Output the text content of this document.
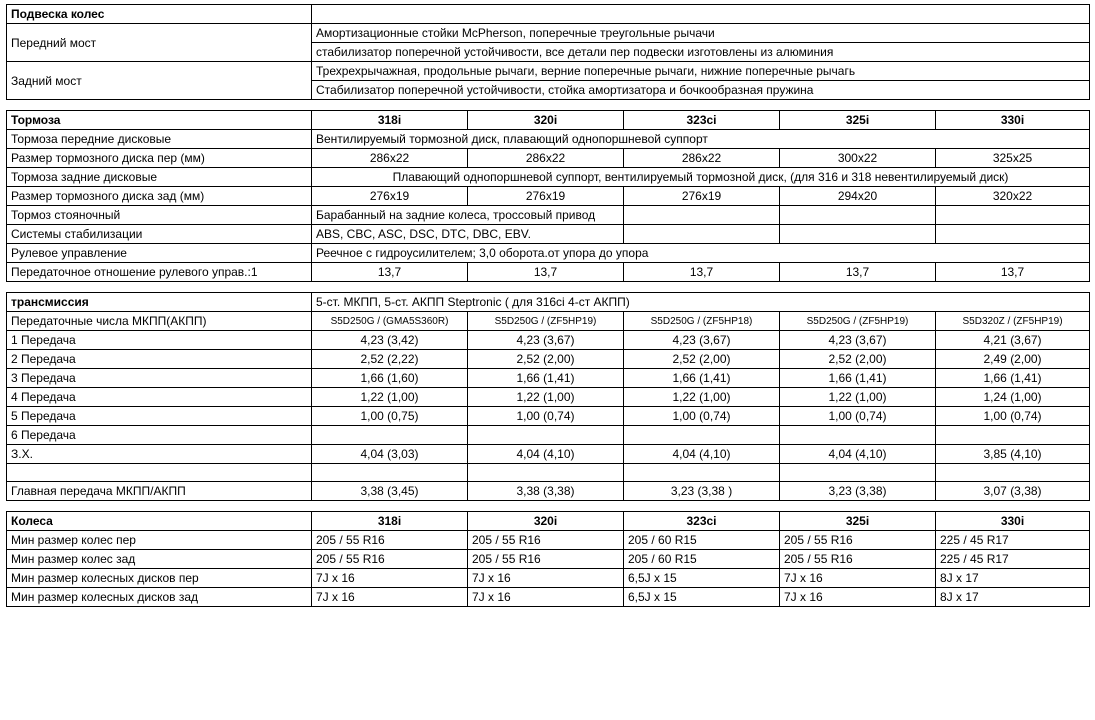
Подвеска колес	
Передний мост	Амортизационные стойки McPherson, поперечные треугольные рычачи
	стабилизатор поперечной устойчивости, все детали пер подвески изготовлены из алюминия
Задний мост	Трехрехрычажная, продольные рычаги, верние поперечные рычаги, нижние поперечные рычагь
	Стабилизатор поперечной устойчивости, стойка амортизатора и бочкообразная пружина
Тормоза	318i	320i	323ci	325i	330i
Тормоза передние дисковые	Вентилируемый тормозной диск, плавающий однопоршневой суппорт				
Размер тормозного диска пер (мм)	286х22	286х22	286х22	300х22	325х25
Тормоза задние дисковые	Плавающий однопоршневой суппорт, вентилируемый тормозной диск, (для 316 и 318 невентилируемый диск)				
Размер тормозного диска зад (мм)	276х19	276х19	276х19	294х20	320х22
Тормоз стояночный	Барабанный на задние колеса, тросcовый привод				
Системы стабилизации	ABS, CBC, ASC, DSC, DTC, DBC, EBV.				
Рулевое управление	Реечное с гидроусилителем; 3,0 оборота.от упора до упора				
Передаточное отношение рулевого управ.:1	13,7	13,7	13,7	13,7	13,7
трансмиссия	5-ст. МКПП, 5-ст. АКПП Steptronic ( для 316ci 4-ст АКПП)				
Передаточные числа МКПП(АКПП)	S5D250G / (GMA5S360R)	S5D250G / (ZF5HP19)	S5D250G / (ZF5HP18)	S5D250G / (ZF5HP19)	S5D320Z / (ZF5HP19)
1 Передача	4,23 (3,42)	4,23 (3,67)	4,23 (3,67)	4,23 (3,67)	4,21 (3,67)
2 Передача	2,52 (2,22)	2,52 (2,00)	2,52 (2,00)	2,52 (2,00)	2,49 (2,00)
3 Передача	1,66 (1,60)	1,66 (1,41)	1,66 (1,41)	1,66 (1,41)	1,66 (1,41)
4 Передача	1,22 (1,00)	1,22 (1,00)	1,22 (1,00)	1,22 (1,00)	1,24 (1,00)
5 Передача	1,00 (0,75)	1,00 (0,74)	1,00 (0,74)	1,00 (0,74)	1,00 (0,74)
6 Передача					
З.Х.	4,04 (3,03)	4,04 (4,10)	4,04 (4,10)	4,04 (4,10)	3,85 (4,10)

Главная передача МКПП/АКПП	3,38 (3,45)	3,38 (3,38)	3,23 (3,38 )	3,23 (3,38)	3,07 (3,38)
Колеса	318i	320i	323ci	325i	330i
Мин размер колес пер	205 / 55 R16	205 / 55 R16	205 / 60 R15	205 / 55 R16	225 / 45 R17
Мин размер колес зад	205 / 55 R16	205 / 55 R16	205 / 60 R15	205 / 55 R16	225 / 45 R17
Мин размер колесных дисков пер	7J x 16	7J x 16	6,5J x 15	7J x 16	8J x 17
Мин размер колесных дисков зад	7J x 16	7J x 16	6,5J x 15	7J x 16	8J x 17
